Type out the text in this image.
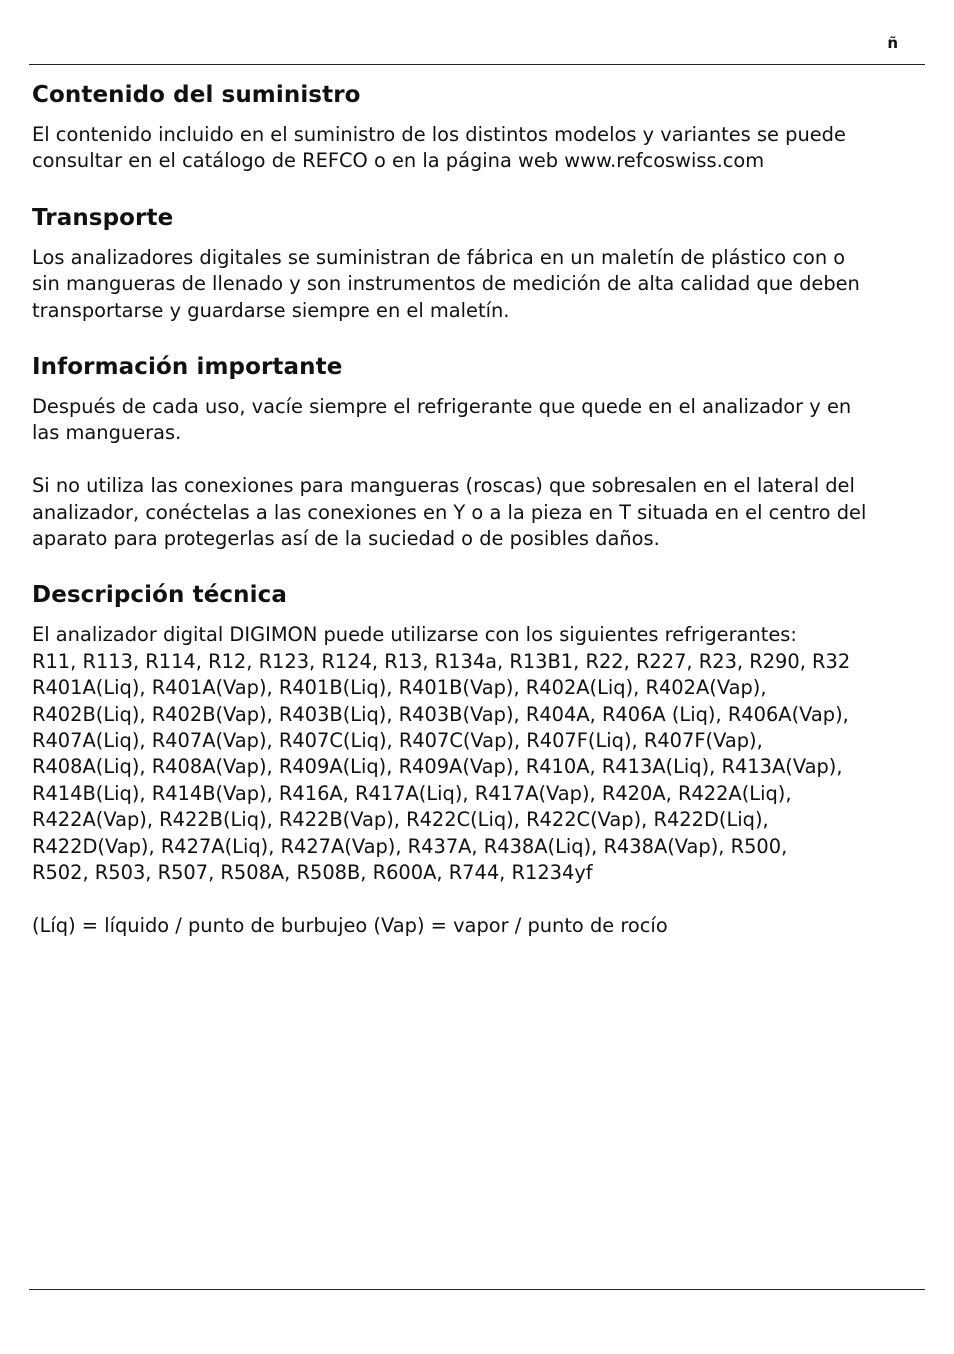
ñ
Contenido del suministro

El contenido incluido en el suministro de los distintos modelos y variantes se puede
consultar en el catálogo de REFCO o en la página web www.refcoswiss.com

Transporte

Los analizadores digitales se suministran de fábrica en un maletín de plástico con o
sin mangueras de llenado y son instrumentos de medición de alta calidad que deben
transportarse y guardarse siempre en el maletín.

Información importante

Después de cada uso, vacíe siempre el refrigerante que quede en el analizador y en
las mangueras.

Si no utiliza las conexiones para mangueras (roscas) que sobresalen en el lateral del
analizador, conéctelas a las conexiones en Y o a la pieza en T situada en el centro del
aparato para protegerlas así de la suciedad o de posibles daños.

Descripción técnica

El analizador digital DIGIMON puede utilizarse con los siguientes refrigerantes:
R11, R113, R114, R12, R123, R124, R13, R134a, R13B1, R22, R227, R23, R290, R32
R401A(Liq), R401A(Vap), R401B(Liq), R401B(Vap), R402A(Liq), R402A(Vap),
R402B(Liq), R402B(Vap), R403B(Liq), R403B(Vap), R404A, R406A (Liq), R406A(Vap),
R407A(Liq), R407A(Vap), R407C(Liq), R407C(Vap), R407F(Liq), R407F(Vap),
R408A(Liq), R408A(Vap), R409A(Liq), R409A(Vap), R410A, R413A(Liq), R413A(Vap),
R414B(Liq), R414B(Vap), R416A, R417A(Liq), R417A(Vap), R420A, R422A(Liq),
R422A(Vap), R422B(Liq), R422B(Vap), R422C(Liq), R422C(Vap), R422D(Liq),
R422D(Vap), R427A(Liq), R427A(Vap), R437A, R438A(Liq), R438A(Vap), R500,
R502, R503, R507, R508A, R508B, R600A, R744, R1234yf

(Líq) = líquido / punto de burbujeo (Vap) = vapor / punto de rocío
